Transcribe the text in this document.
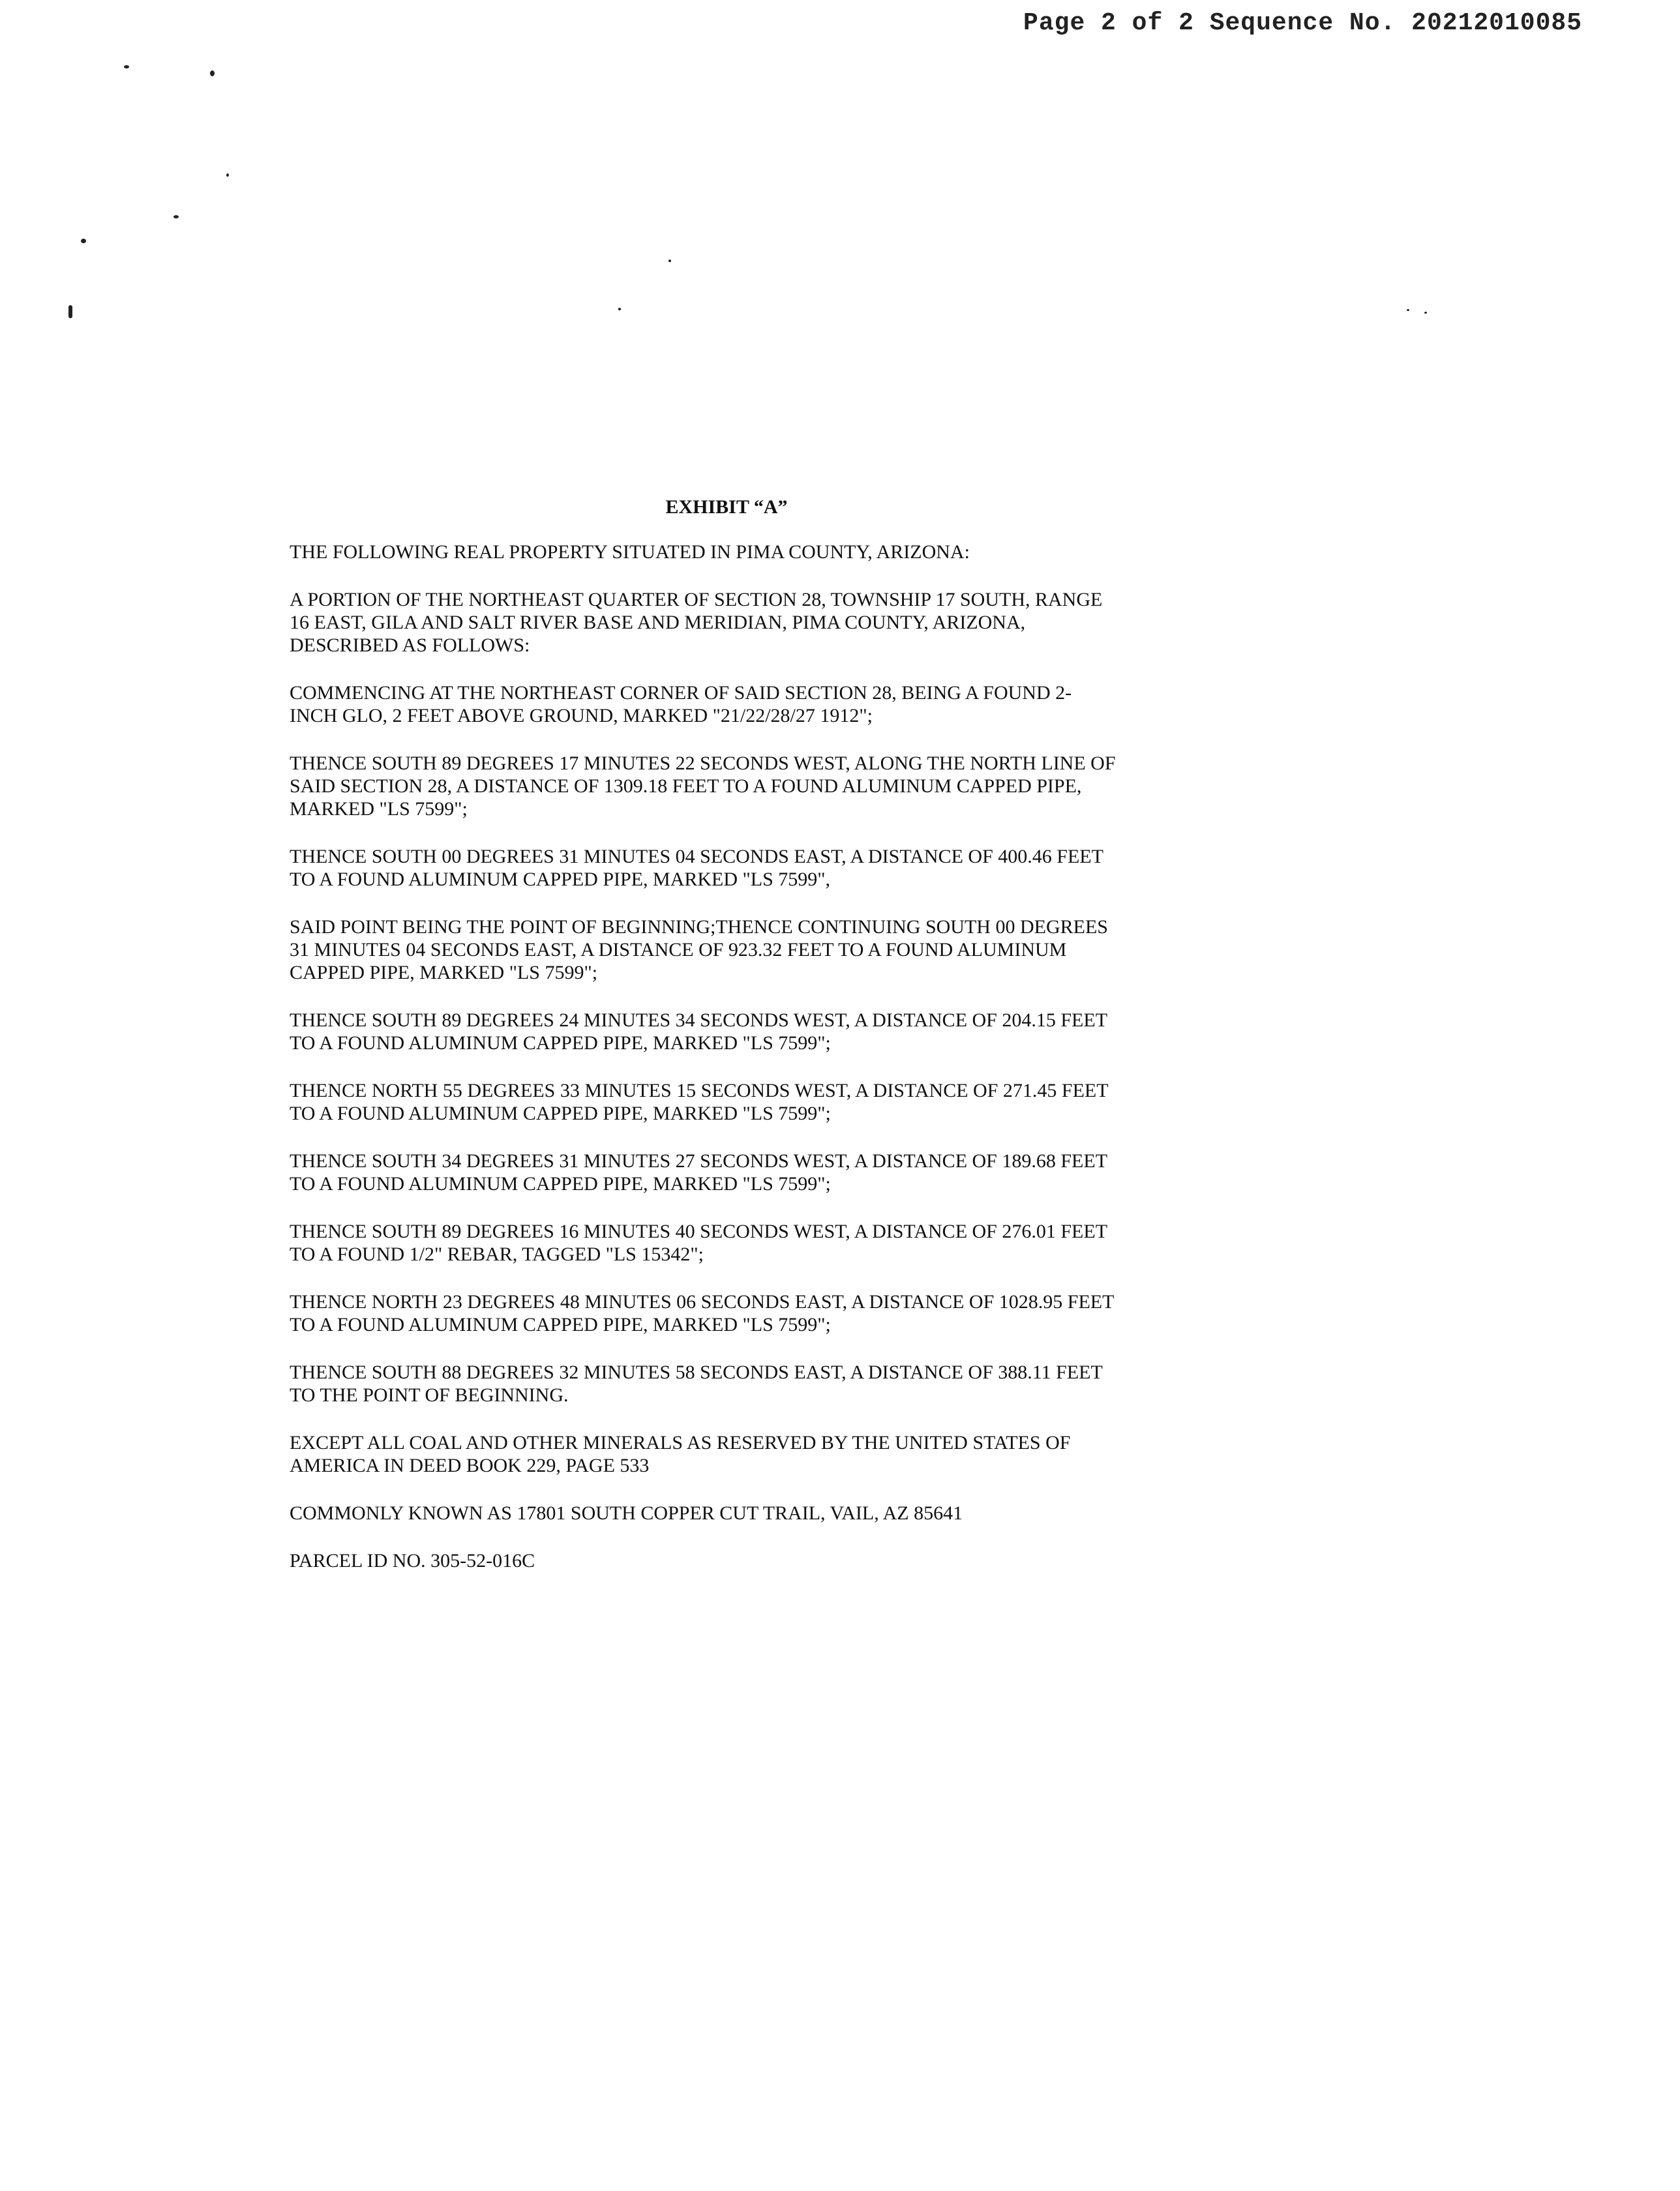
Page 2 of 2 Sequence No. 20212010085
EXHIBIT “A”
THE FOLLOWING REAL PROPERTY SITUATED IN PIMA COUNTY, ARIZONA:
A PORTION OF THE NORTHEAST QUARTER OF SECTION 28, TOWNSHIP 17 SOUTH, RANGE
16 EAST, GILA AND SALT RIVER BASE AND MERIDIAN, PIMA COUNTY, ARIZONA,
DESCRIBED AS FOLLOWS:
COMMENCING AT THE NORTHEAST CORNER OF SAID SECTION 28, BEING A FOUND 2-
INCH GLO, 2 FEET ABOVE GROUND, MARKED "21/22/28/27 1912";
THENCE SOUTH 89 DEGREES 17 MINUTES 22 SECONDS WEST, ALONG THE NORTH LINE OF
SAID SECTION 28, A DISTANCE OF 1309.18 FEET TO A FOUND ALUMINUM CAPPED PIPE,
MARKED "LS 7599";
THENCE SOUTH 00 DEGREES 31 MINUTES 04 SECONDS EAST, A DISTANCE OF 400.46 FEET
TO A FOUND ALUMINUM CAPPED PIPE, MARKED "LS 7599",
SAID POINT BEING THE POINT OF BEGINNING;THENCE CONTINUING SOUTH 00 DEGREES
31 MINUTES 04 SECONDS EAST, A DISTANCE OF 923.32 FEET TO A FOUND ALUMINUM
CAPPED PIPE, MARKED "LS 7599";
THENCE SOUTH 89 DEGREES 24 MINUTES 34 SECONDS WEST, A DISTANCE OF 204.15 FEET
TO A FOUND ALUMINUM CAPPED PIPE, MARKED "LS 7599";
THENCE NORTH 55 DEGREES 33 MINUTES 15 SECONDS WEST, A DISTANCE OF 271.45 FEET
TO A FOUND ALUMINUM CAPPED PIPE, MARKED "LS 7599";
THENCE SOUTH 34 DEGREES 31 MINUTES 27 SECONDS WEST, A DISTANCE OF 189.68 FEET
TO A FOUND ALUMINUM CAPPED PIPE, MARKED "LS 7599";
THENCE SOUTH 89 DEGREES 16 MINUTES 40 SECONDS WEST, A DISTANCE OF 276.01 FEET
TO A FOUND 1/2" REBAR, TAGGED "LS 15342";
THENCE NORTH 23 DEGREES 48 MINUTES 06 SECONDS EAST, A DISTANCE OF 1028.95 FEET
TO A FOUND ALUMINUM CAPPED PIPE, MARKED "LS 7599";
THENCE SOUTH 88 DEGREES 32 MINUTES 58 SECONDS EAST, A DISTANCE OF 388.11 FEET
TO THE POINT OF BEGINNING.
EXCEPT ALL COAL AND OTHER MINERALS AS RESERVED BY THE UNITED STATES OF
AMERICA IN DEED BOOK 229, PAGE 533
COMMONLY KNOWN AS 17801 SOUTH COPPER CUT TRAIL, VAIL, AZ 85641
PARCEL ID NO. 305-52-016C
